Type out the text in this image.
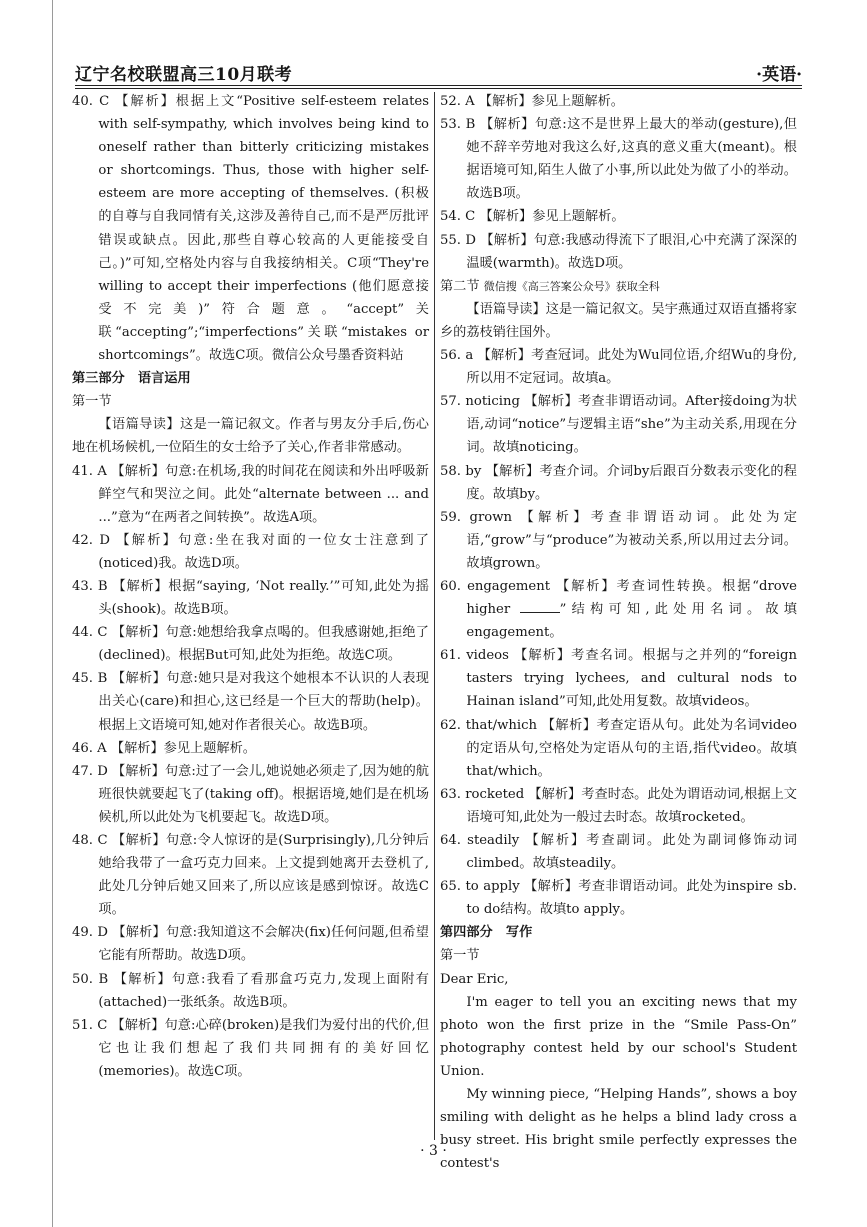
辽宁名校联盟高三10月联考	·英语·

40. C 【解析】根据上文“Positive self-esteem relates with self-sympathy, which involves being kind to oneself rather than bitterly criticizing mistakes or shortcomings. Thus, those with higher self-esteem are more accepting of themselves. (积极的自尊与自我同情有关,这涉及善待自己,而不是严厉批评错误或缺点。因此,那些自尊心较高的人更能接受自己。)”可知,空格处内容与自我接纳相关。C项“They're willing to accept their imperfections (他们愿意接受不完美)”符合题意。“accept”关联“accepting”;“imperfections”关联“mistakes or shortcomings”。故选C项。微信公众号墨香资料站

第三部分　语言运用

第一节

【语篇导读】这是一篇记叙文。作者与男友分手后,伤心地在机场候机,一位陌生的女士给予了关心,作者非常感动。

41. A 【解析】句意:在机场,我的时间花在阅读和外出呼吸新鲜空气和哭泣之间。此处“alternate between ... and ...”意为“在两者之间转换”。故选A项。

42. D 【解析】句意:坐在我对面的一位女士注意到了(noticed)我。故选D项。

43. B 【解析】根据“saying, ‘Not really.’”可知,此处为摇头(shook)。故选B项。

44. C 【解析】句意:她想给我拿点喝的。但我感谢她,拒绝了(declined)。根据But可知,此处为拒绝。故选C项。

45. B 【解析】句意:她只是对我这个她根本不认识的人表现出关心(care)和担心,这已经是一个巨大的帮助(help)。根据上文语境可知,她对作者很关心。故选B项。

46. A 【解析】参见上题解析。

47. D 【解析】句意:过了一会儿,她说她必须走了,因为她的航班很快就要起飞了(taking off)。根据语境,她们是在机场候机,所以此处为飞机要起飞。故选D项。

48. C 【解析】句意:令人惊讶的是(Surprisingly),几分钟后她给我带了一盒巧克力回来。上文提到她离开去登机了,此处几分钟后她又回来了,所以应该是感到惊讶。故选C项。

49. D 【解析】句意:我知道这不会解决(fix)任何问题,但希望它能有所帮助。故选D项。

50. B 【解析】句意:我看了看那盒巧克力,发现上面附有(attached)一张纸条。故选B项。

51. C 【解析】句意:心碎(broken)是我们为爱付出的代价,但它也让我们想起了我们共同拥有的美好回忆(memories)。故选C项。

52. A 【解析】参见上题解析。

53. B 【解析】句意:这不是世界上最大的举动(gesture),但她不辞辛劳地对我这么好,这真的意义重大(meant)。根据语境可知,陌生人做了小事,所以此处为做了小的举动。故选B项。

54. C 【解析】参见上题解析。

55. D 【解析】句意:我感动得流下了眼泪,心中充满了深深的温暖(warmth)。故选D项。

第二节 微信搜《高三答案公众号》获取全科

【语篇导读】这是一篇记叙文。吴宇燕通过双语直播将家乡的荔枝销往国外。

56. a 【解析】考查冠词。此处为Wu同位语,介绍Wu的身份,所以用不定冠词。故填a。

57. noticing 【解析】考查非谓语动词。After接doing为状语,动词“notice”与逻辑主语“she”为主动关系,用现在分词。故填noticing。

58. by 【解析】考查介词。介词by后跟百分数表示变化的程度。故填by。

59. grown 【解析】考查非谓语动词。此处为定语,“grow”与“produce”为被动关系,所以用过去分词。故填grown。

60. engagement 【解析】考查词性转换。根据“drove higher	”结构可知,此处用名词。故填engagement。

61. videos 【解析】考查名词。根据与之并列的“foreign tasters trying lychees, and cultural nods to Hainan island”可知,此处用复数。故填videos。

62. that/which 【解析】考查定语从句。此处为名词video的定语从句,空格处为定语从句的主语,指代video。故填that/which。

63. rocketed 【解析】考查时态。此处为谓语动词,根据上文语境可知,此处为一般过去时态。故填rocketed。

64. steadily 【解析】考查副词。此处为副词修饰动词climbed。故填steadily。

65. to apply 【解析】考查非谓语动词。此处为inspire sb. to do结构。故填to apply。

第四部分　写作

第一节

Dear Eric,

I'm eager to tell you an exciting news that my photo won the first prize in the “Smile Pass-On” photography contest held by our school's Student Union.

My winning piece, “Helping Hands”, shows a boy smiling with delight as he helps a blind lady cross a busy street. His bright smile perfectly expresses the contest's

· 3 ·
